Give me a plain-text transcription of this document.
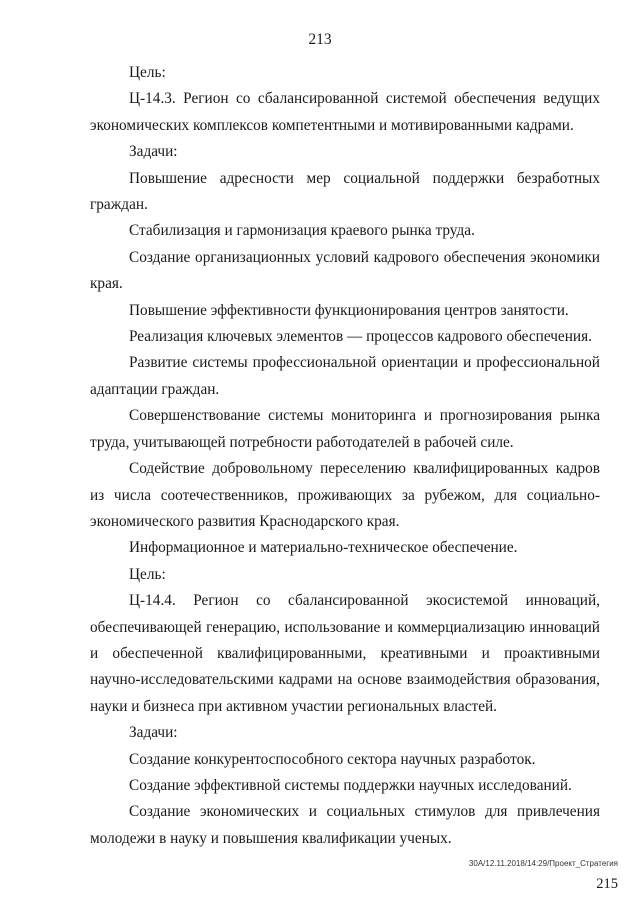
213

Цель:

Ц-14.3. Регион со сбалансированной системой обеспечения ведущих экономических комплексов компетентными и мотивированными кадрами.

Задачи:

Повышение адресности мер социальной поддержки безработных граждан.

Стабилизация и гармонизация краевого рынка труда.

Создание организационных условий кадрового обеспечения экономики края.

Повышение эффективности функционирования центров занятости.

Реализация ключевых элементов — процессов кадрового обеспечения.

Развитие системы профессиональной ориентации и профессиональной адаптации граждан.

Совершенствование системы мониторинга и прогнозирования рынка труда, учитывающей потребности работодателей в рабочей силе.

Содействие добровольному переселению квалифицированных кадров из числа соотечественников, проживающих за рубежом, для социально-экономического развития Краснодарского края.

Информационное и материально-техническое обеспечение.

Цель:

Ц-14.4. Регион со сбалансированной экосистемой инноваций, обеспечивающей генерацию, использование и коммерциализацию инноваций и обеспеченной квалифицированными, креативными и проактивными научно-исследовательскими кадрами на основе взаимодействия образования, науки и бизнеса при активном участии региональных властей.

Задачи:

Создание конкурентоспособного сектора научных разработок.

Создание эффективной системы поддержки научных исследований.

Создание экономических и социальных стимулов для привлечения молодежи в науку и повышения квалификации ученых.

30А/12.11.2018/14:29/Проект_Стратегия
215
